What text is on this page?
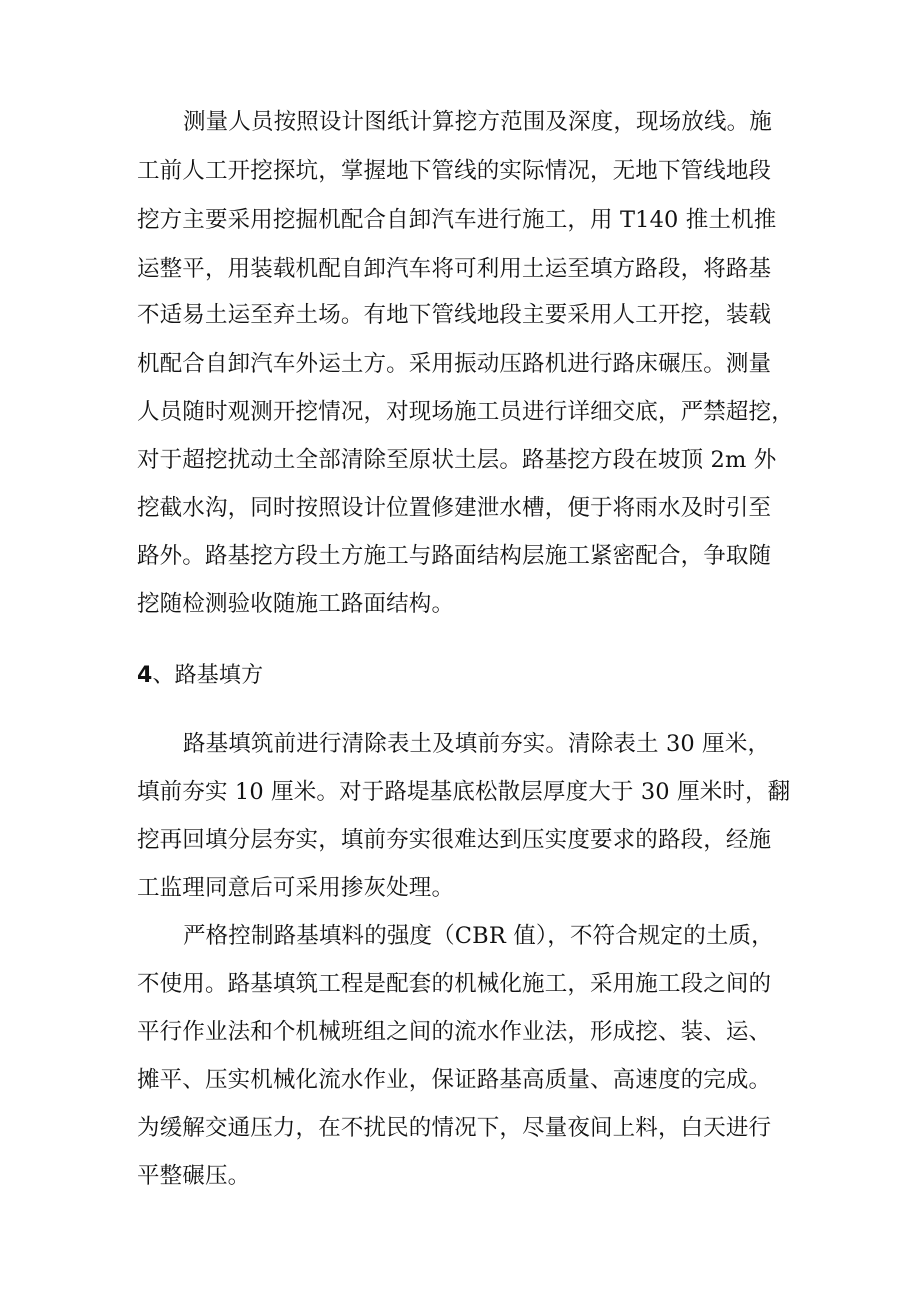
测量人员按照设计图纸计算挖方范围及深度，现场放线。施
工前人工开挖探坑，掌握地下管线的实际情况，无地下管线地段
挖方主要采用挖掘机配合自卸汽车进行施工，用 T140 推土机推
运整平，用装载机配自卸汽车将可利用土运至填方路段，将路基
不适易土运至弃土场。有地下管线地段主要采用人工开挖，装载
机配合自卸汽车外运土方。采用振动压路机进行路床碾压。测量
人员随时观测开挖情况，对现场施工员进行详细交底，严禁超挖，
对于超挖扰动土全部清除至原状土层。路基挖方段在坡顶 2m 外
挖截水沟，同时按照设计位置修建泄水槽，便于将雨水及时引至
路外。路基挖方段土方施工与路面结构层施工紧密配合，争取随
挖随检测验收随施工路面结构。
4、路基填方
路基填筑前进行清除表土及填前夯实。清除表土 30 厘米，
填前夯实 10 厘米。对于路堤基底松散层厚度大于 30 厘米时，翻
挖再回填分层夯实，填前夯实很难达到压实度要求的路段，经施
工监理同意后可采用掺灰处理。
严格控制路基填料的强度（CBR 值），不符合规定的土质，
不使用。路基填筑工程是配套的机械化施工，采用施工段之间的
平行作业法和个机械班组之间的流水作业法，形成挖、装、运、
摊平、压实机械化流水作业，保证路基高质量、高速度的完成。
为缓解交通压力，在不扰民的情况下，尽量夜间上料，白天进行
平整碾压。
